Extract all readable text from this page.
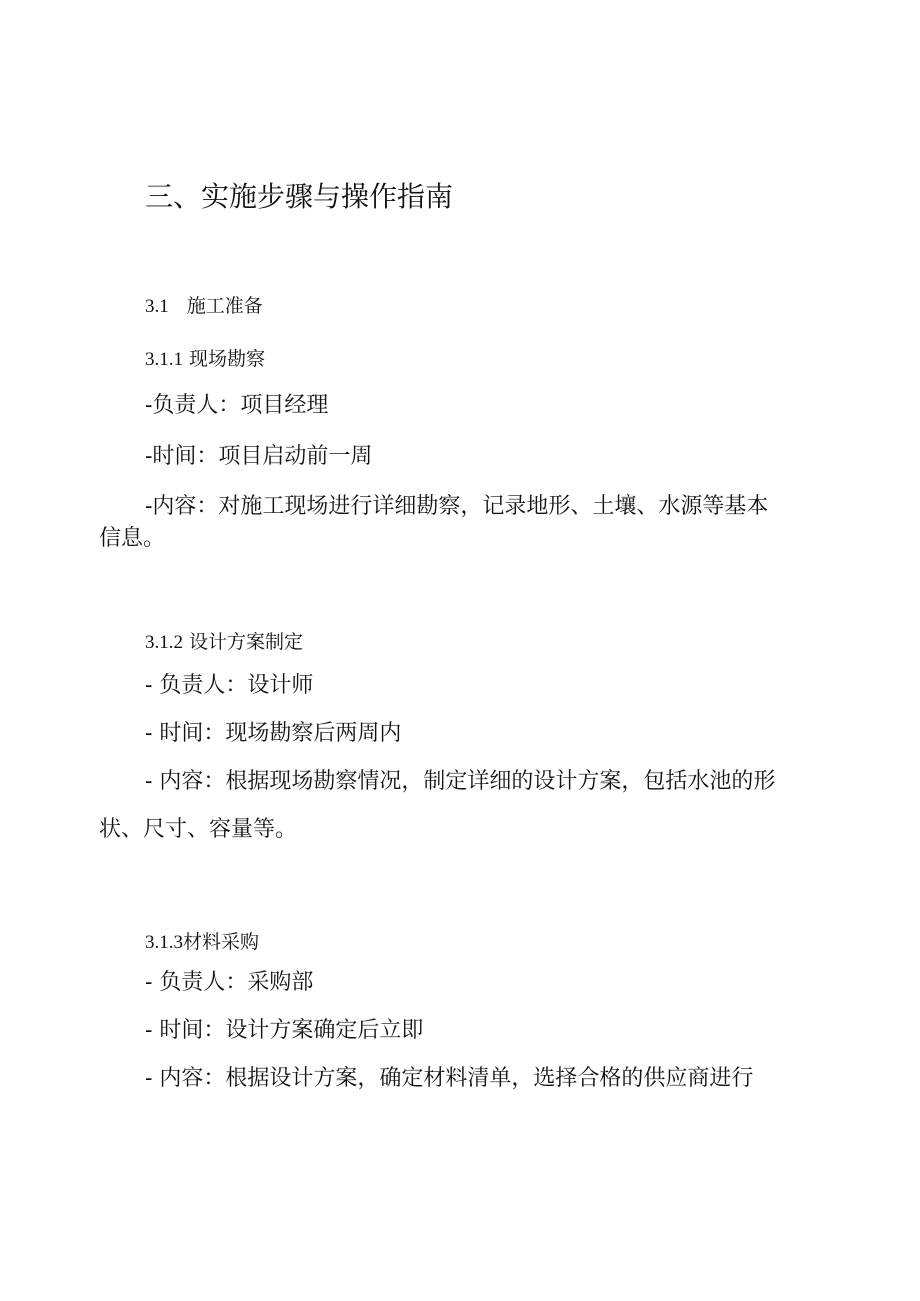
三、实施步骤与操作指南
3.1 施工准备
3.1.1 现场勘察

-负责人：项目经理

-时间：项目启动前一周

-内容：对施工现场进行详细勘察，记录地形、土壤、水源等基本
信息。
3.1.2 设计方案制定

- 负责人：设计师

- 时间：现场勘察后两周内

- 内容：根据现场勘察情况，制定详细的设计方案，包括水池的形
状、尺寸、容量等。
3.1.3材料采购

- 负责人：采购部

- 时间：设计方案确定后立即

- 内容：根据设计方案，确定材料清单，选择合格的供应商进行
